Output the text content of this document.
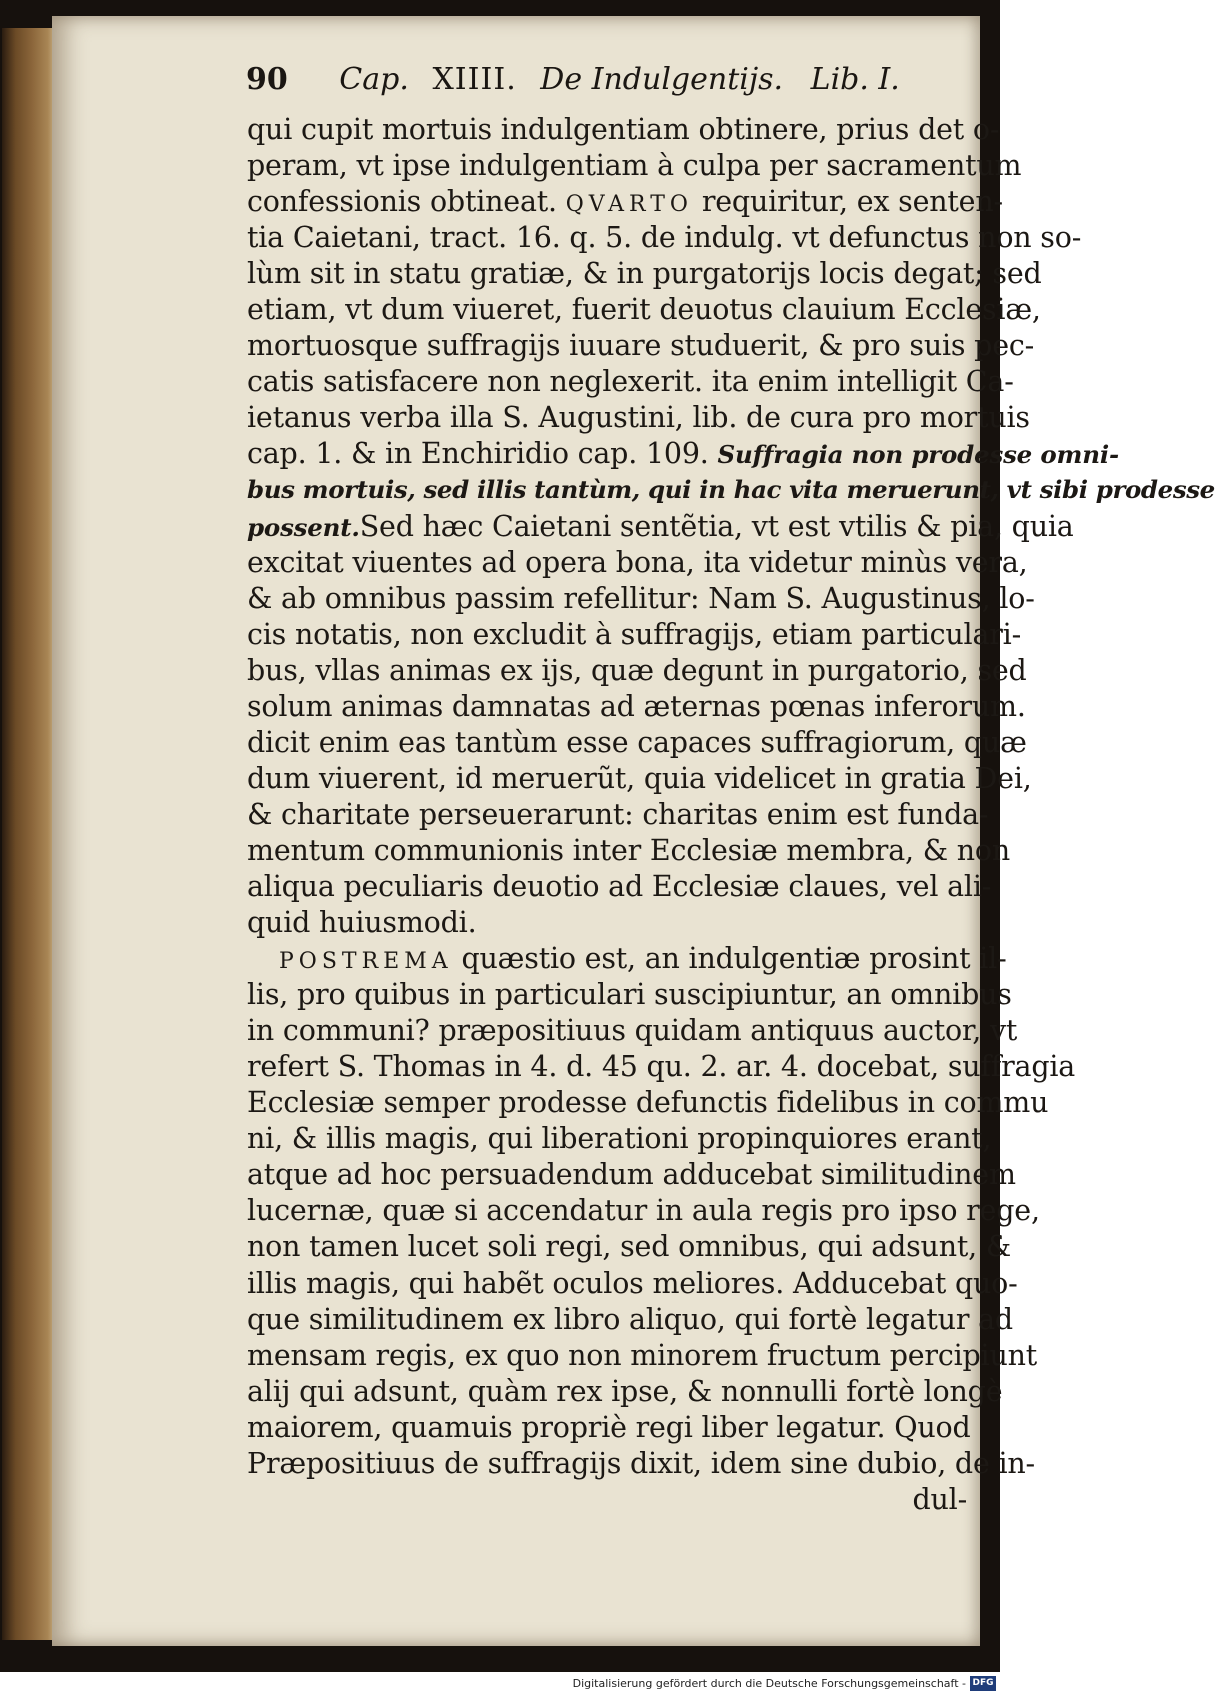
90 Cap. XIIII. De Indulgentijs. Lib. I.
qui cupit mortuis indulgentiam obtinere, prius det o-
peram, vt ipse indulgentiam à culpa per sacramentum
confessionis obtineat. QVARTO requiritur, ex senten-
tia Caietani, tract. 16. q. 5. de indulg. vt defunctus non so-
lùm sit in statu gratiæ, & in purgatorijs locis degat; sed
etiam, vt dum viueret, fuerit deuotus clauium Ecclesiæ,
mortuosque suffragijs iuuare studuerit, & pro suis pec-
catis satisfacere non neglexerit. ita enim intelligit Ca-
ietanus verba illa S. Augustini, lib. de cura pro mortuis
cap. 1. & in Enchiridio cap. 109. Suffragia non prodesse omni-
bus mortuis, sed illis tantùm, qui in hac vita meruerunt, vt sibi prodesse
possent.Sed hæc Caietani sentẽtia, vt est vtilis & pia, quia
excitat viuentes ad opera bona, ita videtur minùs vera,
& ab omnibus passim refellitur: Nam S. Augustinus, lo-
cis notatis, non excludit à suffragijs, etiam particulari-
bus, vllas animas ex ijs, quæ degunt in purgatorio, sed
solum animas damnatas ad æternas pœnas inferorum.
dicit enim eas tantùm esse capaces suffragiorum, quæ
dum viuerent, id meruerũt, quia videlicet in gratia Dei,
& charitate perseuerarunt: charitas enim est funda-
mentum communionis inter Ecclesiæ membra, & non
aliqua peculiaris deuotio ad Ecclesiæ claues, vel ali-
quid huiusmodi.
POSTREMA quæstio est, an indulgentiæ prosint il-
lis, pro quibus in particulari suscipiuntur, an omnibus
in communi? præpositiuus quidam antiquus auctor, vt
refert S. Thomas in 4. d. 45 qu. 2. ar. 4. docebat, suffragia
Ecclesiæ semper prodesse defunctis fidelibus in commu
ni, & illis magis, qui liberationi propinquiores erant,
atque ad hoc persuadendum adducebat similitudinem
lucernæ, quæ si accendatur in aula regis pro ipso rege,
non tamen lucet soli regi, sed omnibus, qui adsunt, &
illis magis, qui habẽt oculos meliores. Adducebat quo-
que similitudinem ex libro aliquo, qui fortè legatur ad
mensam regis, ex quo non minorem fructum percipiunt
alij qui adsunt, quàm rex ipse, & nonnulli fortè longè
maiorem, quamuis propriè regi liber legatur. Quod
Præpositiuus de suffragijs dixit, idem sine dubio, de in-
dul-
Digitalisierung gefördert durch die Deutsche Forschungsgemeinschaft - DFG
